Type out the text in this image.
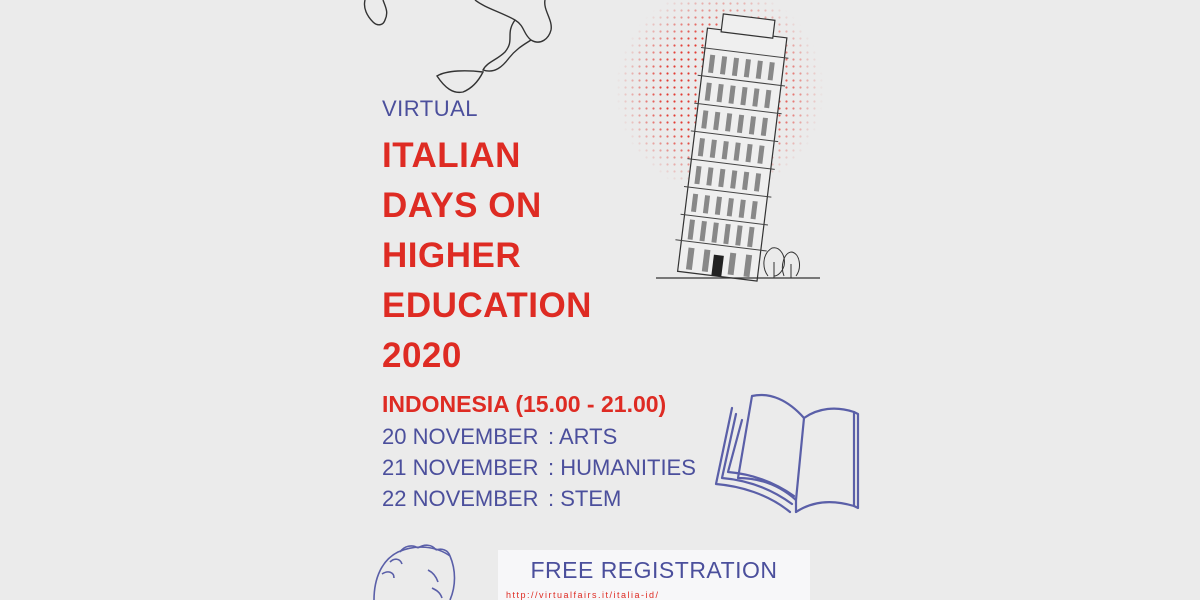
VIRTUAL
ITALIAN
DAYS ON
HIGHER
EDUCATION
2020
INDONESIA (15.00 - 21.00)
20 NOVEMBER : ARTS
21 NOVEMBER : HUMANITIES
22 NOVEMBER : STEM
FREE REGISTRATION
http://virtualfairs.it/italia-id/
